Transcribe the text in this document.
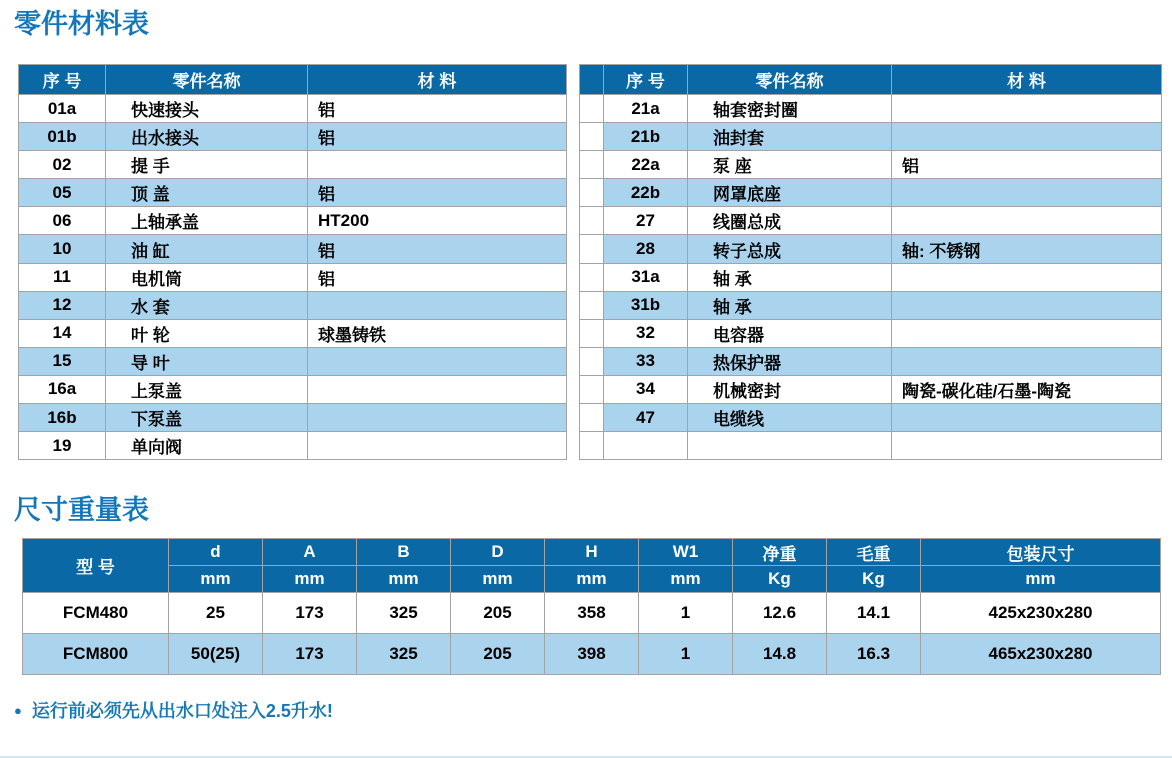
零件材料表
序 号	零件名称	材 料
01a	快速接头	铝
01b	出水接头	铝
02	提 手	
05	顶 盖	铝
06	上轴承盖	HT200
10	油 缸	铝
11	电机筒	铝
12	水 套	
14	叶 轮	球墨铸铁
15	导 叶	
16a	上泵盖	
16b	下泵盖	
19	单向阀	
	序 号	零件名称	材 料
	21a	轴套密封圈	
	21b	油封套	
	22a	泵 座	铝
	22b	网罩底座	
	27	线圈总成	
	28	转子总成	轴: 不锈钢
	31a	轴 承	
	31b	轴 承	
	32	电容器	
	33	热保护器	
	34	机械密封	陶瓷-碳化硅/石墨-陶瓷
	47	电缆线	

尺寸重量表
型 号	d	A	B	D	H	W1	净重	毛重	包装尺寸
	mm	mm	mm	mm	mm	mm	Kg	Kg	mm
FCM480	25	173	325	205	358	1	12.6	14.1	425x230x280
FCM800	50(25)	173	325	205	398	1	14.8	16.3	465x230x280
● 运行前必须先从出水口处注入2.5升水!
